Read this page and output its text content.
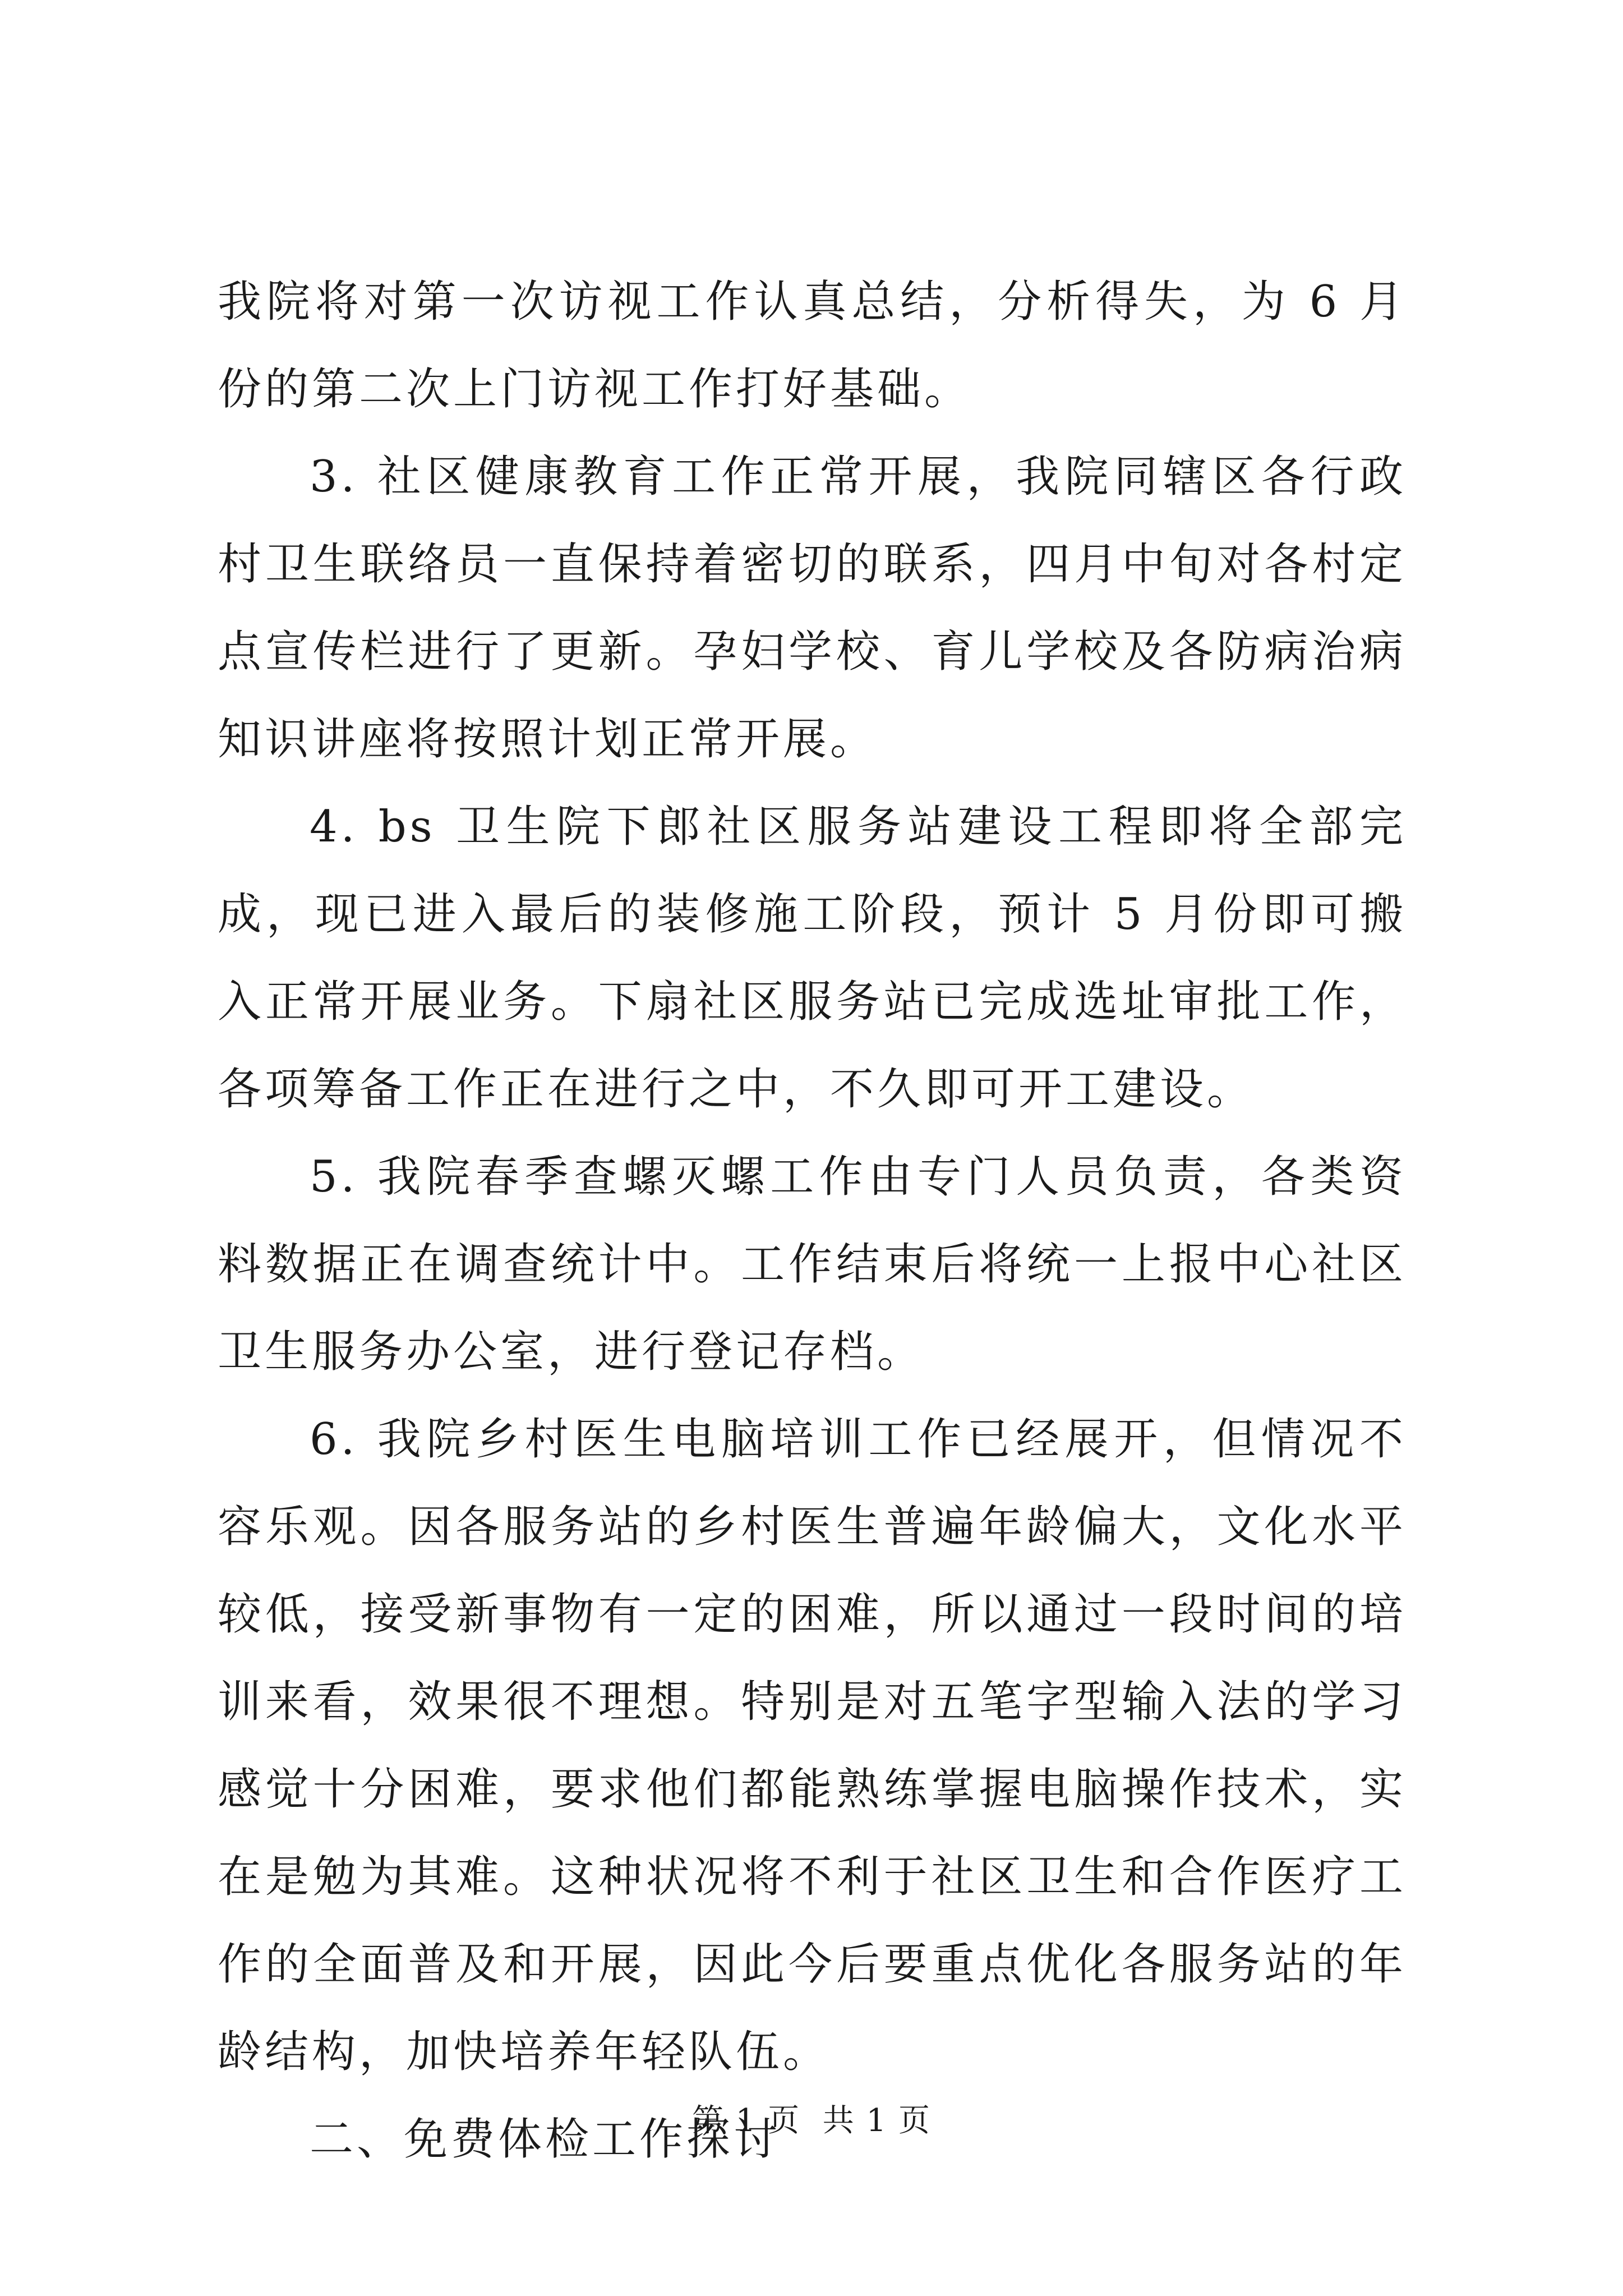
我院将对第一次访视工作认真总结，分析得失，为 6 月份的第二次上门访视工作打好基础。

3. 社区健康教育工作正常开展，我院同辖区各行政村卫生联络员一直保持着密切的联系，四月中旬对各村定点宣传栏进行了更新。孕妇学校、育儿学校及各防病治病知识讲座将按照计划正常开展。

4. bs 卫生院下郎社区服务站建设工程即将全部完成，现已进入最后的装修施工阶段，预计 5 月份即可搬入正常开展业务。下扇社区服务站已完成选址审批工作，各项筹备工作正在进行之中，不久即可开工建设。

5. 我院春季查螺灭螺工作由专门人员负责，各类资料数据正在调查统计中。工作结束后将统一上报中心社区卫生服务办公室，进行登记存档。

6. 我院乡村医生电脑培训工作已经展开，但情况不容乐观。因各服务站的乡村医生普遍年龄偏大，文化水平较低，接受新事物有一定的困难，所以通过一段时间的培训来看，效果很不理想。特别是对五笔字型输入法的学习感觉十分困难，要求他们都能熟练掌握电脑操作技术，实在是勉为其难。这种状况将不利于社区卫生和合作医疗工作的全面普及和开展，因此今后要重点优化各服务站的年龄结构，加快培养年轻队伍。

二、免费体检工作探讨

第 1 页  共 1 页
